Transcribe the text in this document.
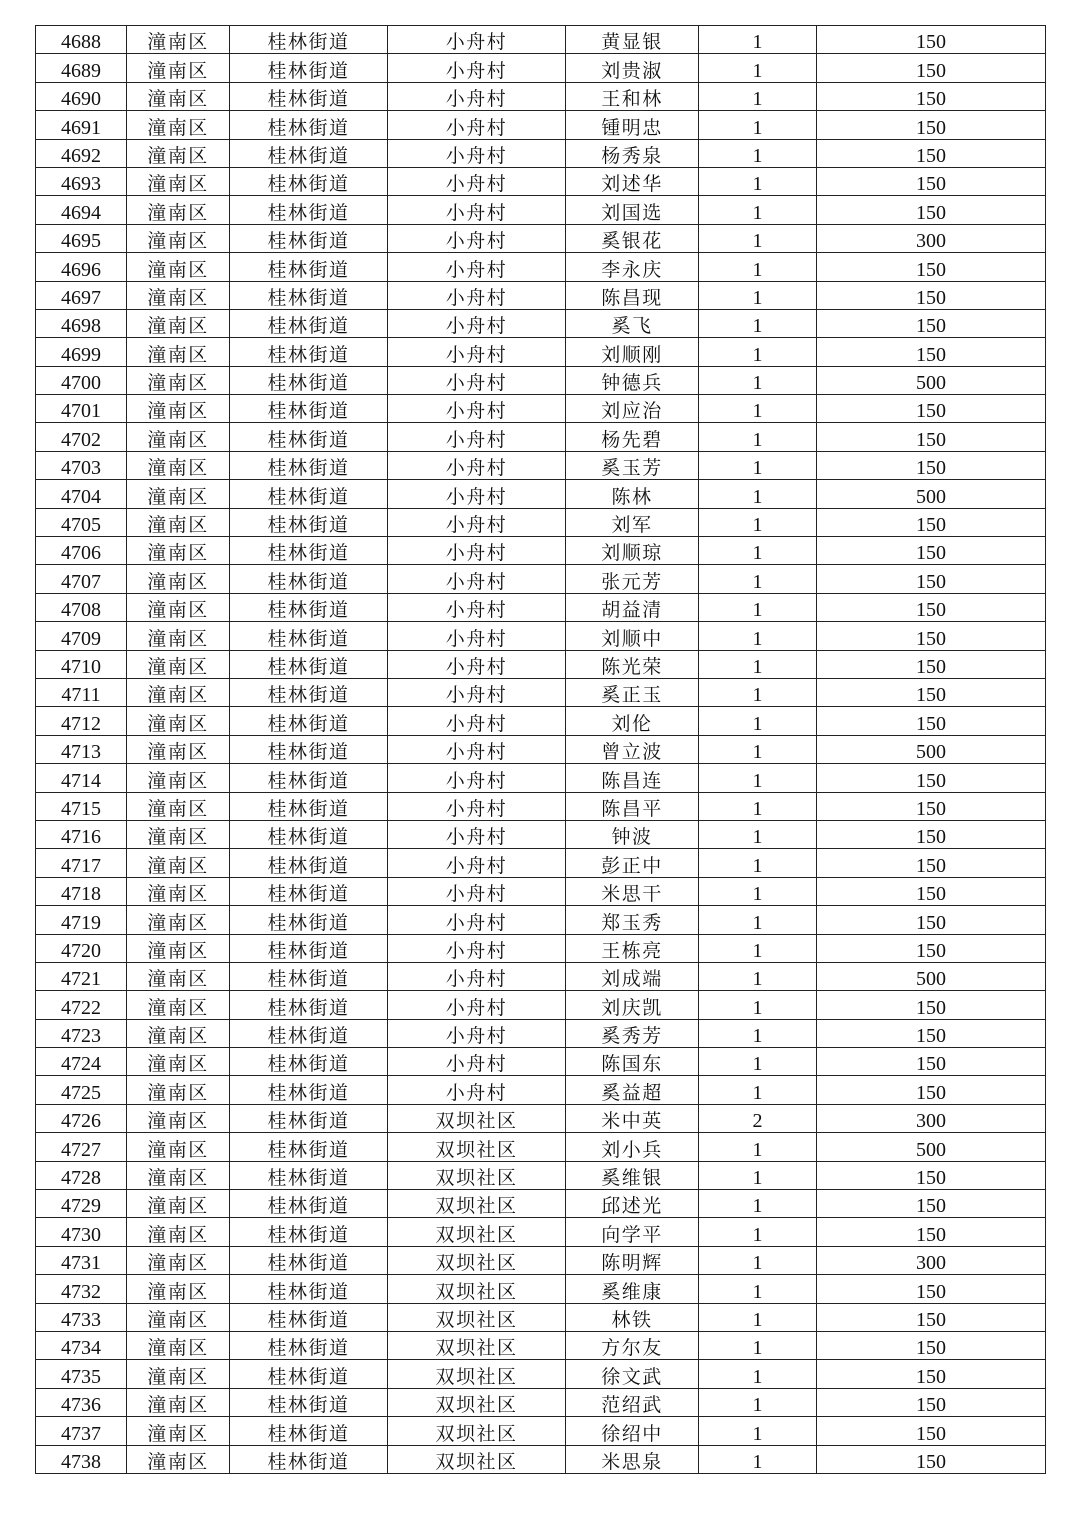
4688	潼南区	桂林街道	小舟村	黄显银	1	150
4689	潼南区	桂林街道	小舟村	刘贵淑	1	150
4690	潼南区	桂林街道	小舟村	王和林	1	150
4691	潼南区	桂林街道	小舟村	锺明忠	1	150
4692	潼南区	桂林街道	小舟村	杨秀泉	1	150
4693	潼南区	桂林街道	小舟村	刘述华	1	150
4694	潼南区	桂林街道	小舟村	刘国选	1	150
4695	潼南区	桂林街道	小舟村	奚银花	1	300
4696	潼南区	桂林街道	小舟村	李永庆	1	150
4697	潼南区	桂林街道	小舟村	陈昌现	1	150
4698	潼南区	桂林街道	小舟村	奚飞	1	150
4699	潼南区	桂林街道	小舟村	刘顺刚	1	150
4700	潼南区	桂林街道	小舟村	钟德兵	1	500
4701	潼南区	桂林街道	小舟村	刘应治	1	150
4702	潼南区	桂林街道	小舟村	杨先碧	1	150
4703	潼南区	桂林街道	小舟村	奚玉芳	1	150
4704	潼南区	桂林街道	小舟村	陈林	1	500
4705	潼南区	桂林街道	小舟村	刘军	1	150
4706	潼南区	桂林街道	小舟村	刘顺琼	1	150
4707	潼南区	桂林街道	小舟村	张元芳	1	150
4708	潼南区	桂林街道	小舟村	胡益清	1	150
4709	潼南区	桂林街道	小舟村	刘顺中	1	150
4710	潼南区	桂林街道	小舟村	陈光荣	1	150
4711	潼南区	桂林街道	小舟村	奚正玉	1	150
4712	潼南区	桂林街道	小舟村	刘伦	1	150
4713	潼南区	桂林街道	小舟村	曾立波	1	500
4714	潼南区	桂林街道	小舟村	陈昌连	1	150
4715	潼南区	桂林街道	小舟村	陈昌平	1	150
4716	潼南区	桂林街道	小舟村	钟波	1	150
4717	潼南区	桂林街道	小舟村	彭正中	1	150
4718	潼南区	桂林街道	小舟村	米思干	1	150
4719	潼南区	桂林街道	小舟村	郑玉秀	1	150
4720	潼南区	桂林街道	小舟村	王栋亮	1	150
4721	潼南区	桂林街道	小舟村	刘成端	1	500
4722	潼南区	桂林街道	小舟村	刘庆凯	1	150
4723	潼南区	桂林街道	小舟村	奚秀芳	1	150
4724	潼南区	桂林街道	小舟村	陈国东	1	150
4725	潼南区	桂林街道	小舟村	奚益超	1	150
4726	潼南区	桂林街道	双坝社区	米中英	2	300
4727	潼南区	桂林街道	双坝社区	刘小兵	1	500
4728	潼南区	桂林街道	双坝社区	奚维银	1	150
4729	潼南区	桂林街道	双坝社区	邱述光	1	150
4730	潼南区	桂林街道	双坝社区	向学平	1	150
4731	潼南区	桂林街道	双坝社区	陈明辉	1	300
4732	潼南区	桂林街道	双坝社区	奚维康	1	150
4733	潼南区	桂林街道	双坝社区	林铁	1	150
4734	潼南区	桂林街道	双坝社区	方尔友	1	150
4735	潼南区	桂林街道	双坝社区	徐文武	1	150
4736	潼南区	桂林街道	双坝社区	范绍武	1	150
4737	潼南区	桂林街道	双坝社区	徐绍中	1	150
4738	潼南区	桂林街道	双坝社区	米思泉	1	150
